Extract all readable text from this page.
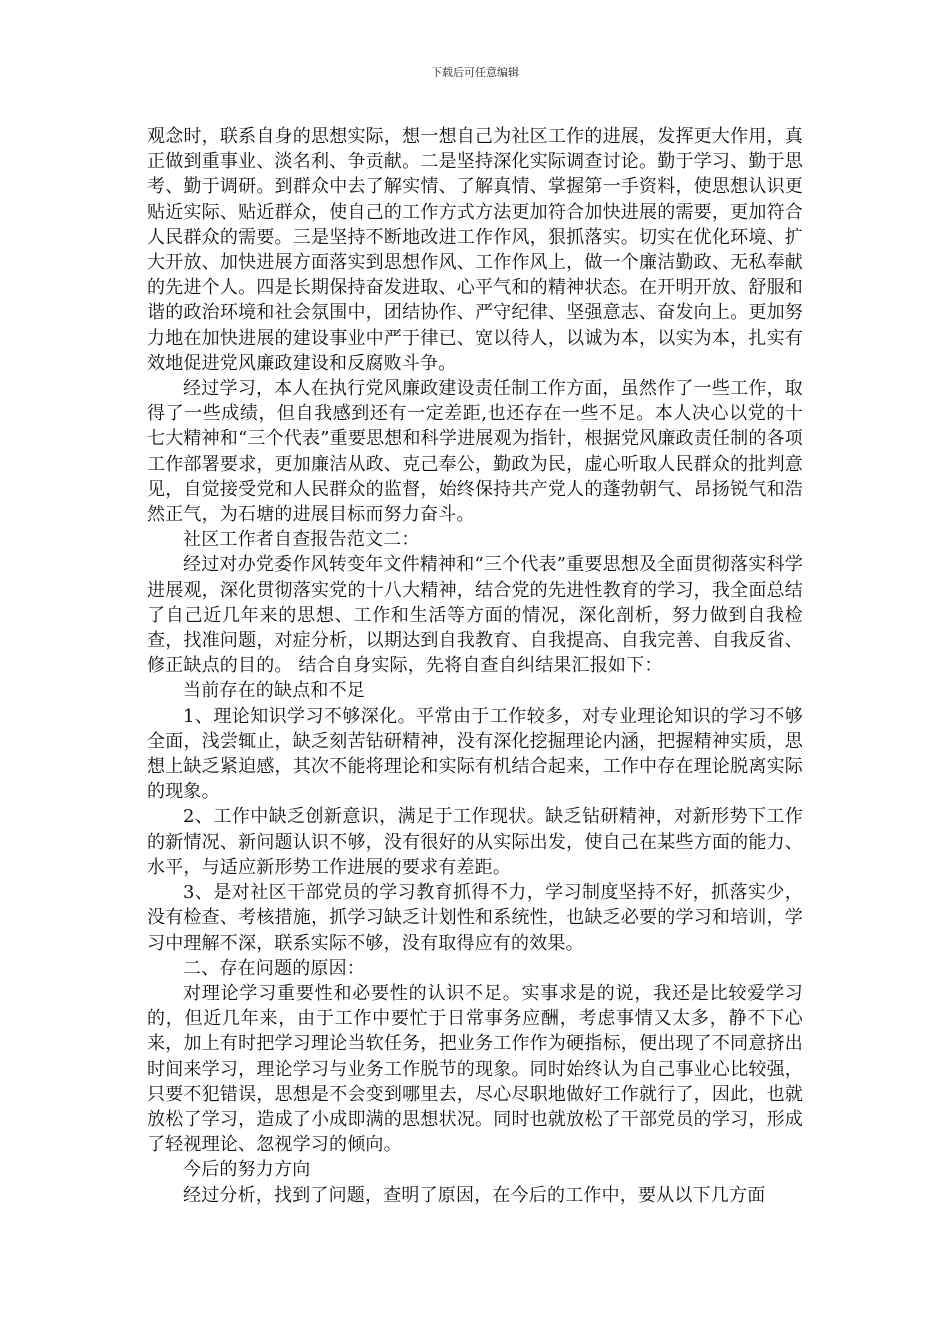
下载后可任意编辑

观念时，联系自身的思想实际，想一想自己为社区工作的进展，发挥更大作用，真正做到重事业、淡名利、争贡献。二是坚持深化实际调查讨论。勤于学习、勤于思考、勤于调研。到群众中去了解实情、了解真情、掌握第一手资料，使思想认识更贴近实际、贴近群众，使自己的工作方式方法更加符合加快进展的需要，更加符合人民群众的需要。三是坚持不断地改进工作作风，狠抓落实。切实在优化环境、扩大开放、加快进展方面落实到思想作风、工作作风上，做一个廉洁勤政、无私奉献的先进个人。四是长期保持奋发进取、心平气和的精神状态。在开明开放、舒服和谐的政治环境和社会氛围中，团结协作、严守纪律、坚强意志、奋发向上。更加努力地在加快进展的建设事业中严于律已、宽以待人，以诚为本，以实为本，扎实有效地促进党风廉政建设和反腐败斗争。

经过学习，本人在执行党风廉政建设责任制工作方面，虽然作了一些工作，取得了一些成绩，但自我感到还有一定差距,也还存在一些不足。本人决心以党的十七大精神和“三个代表”重要思想和科学进展观为指针，根据党风廉政责任制的各项工作部署要求，更加廉洁从政、克己奉公，勤政为民，虚心听取人民群众的批判意见，自觉接受党和人民群众的监督，始终保持共产党人的蓬勃朝气、昂扬锐气和浩然正气，为石塘的进展目标而努力奋斗。

社区工作者自查报告范文二：

经过对办党委作风转变年文件精神和“三个代表”重要思想及全面贯彻落实科学进展观，深化贯彻落实党的十八大精神，结合党的先进性教育的学习，我全面总结了自己近几年来的思想、工作和生活等方面的情况，深化剖析，努力做到自我检查，找准问题，对症分析，以期达到自我教育、自我提高、自我完善、自我反省、修正缺点的目的。 结合自身实际，先将自查自纠结果汇报如下：

当前存在的缺点和不足

1、理论知识学习不够深化。平常由于工作较多，对专业理论知识的学习不够全面，浅尝辄止，缺乏刻苦钻研精神，没有深化挖掘理论内涵，把握精神实质，思想上缺乏紧迫感，其次不能将理论和实际有机结合起来，工作中存在理论脱离实际的现象。

2、工作中缺乏创新意识，满足于工作现状。缺乏钻研精神，对新形势下工作的新情况、新问题认识不够，没有很好的从实际出发，使自己在某些方面的能力、水平，与适应新形势工作进展的要求有差距。

3、是对社区干部党员的学习教育抓得不力，学习制度坚持不好，抓落实少，没有检查、考核措施，抓学习缺乏计划性和系统性，也缺乏必要的学习和培训，学习中理解不深，联系实际不够，没有取得应有的效果。

二、存在问题的原因：

对理论学习重要性和必要性的认识不足。实事求是的说，我还是比较爱学习的，但近几年来，由于工作中要忙于日常事务应酬，考虑事情又太多，静不下心来，加上有时把学习理论当软任务，把业务工作作为硬指标，便出现了不同意挤出时间来学习，理论学习与业务工作脱节的现象。同时始终认为自己事业心比较强，只要不犯错误，思想是不会变到哪里去，尽心尽职地做好工作就行了，因此，也就放松了学习，造成了小成即满的思想状况。同时也就放松了干部党员的学习，形成了轻视理论、忽视学习的倾向。

今后的努力方向

经过分析，找到了问题，查明了原因，在今后的工作中，要从以下几方面
